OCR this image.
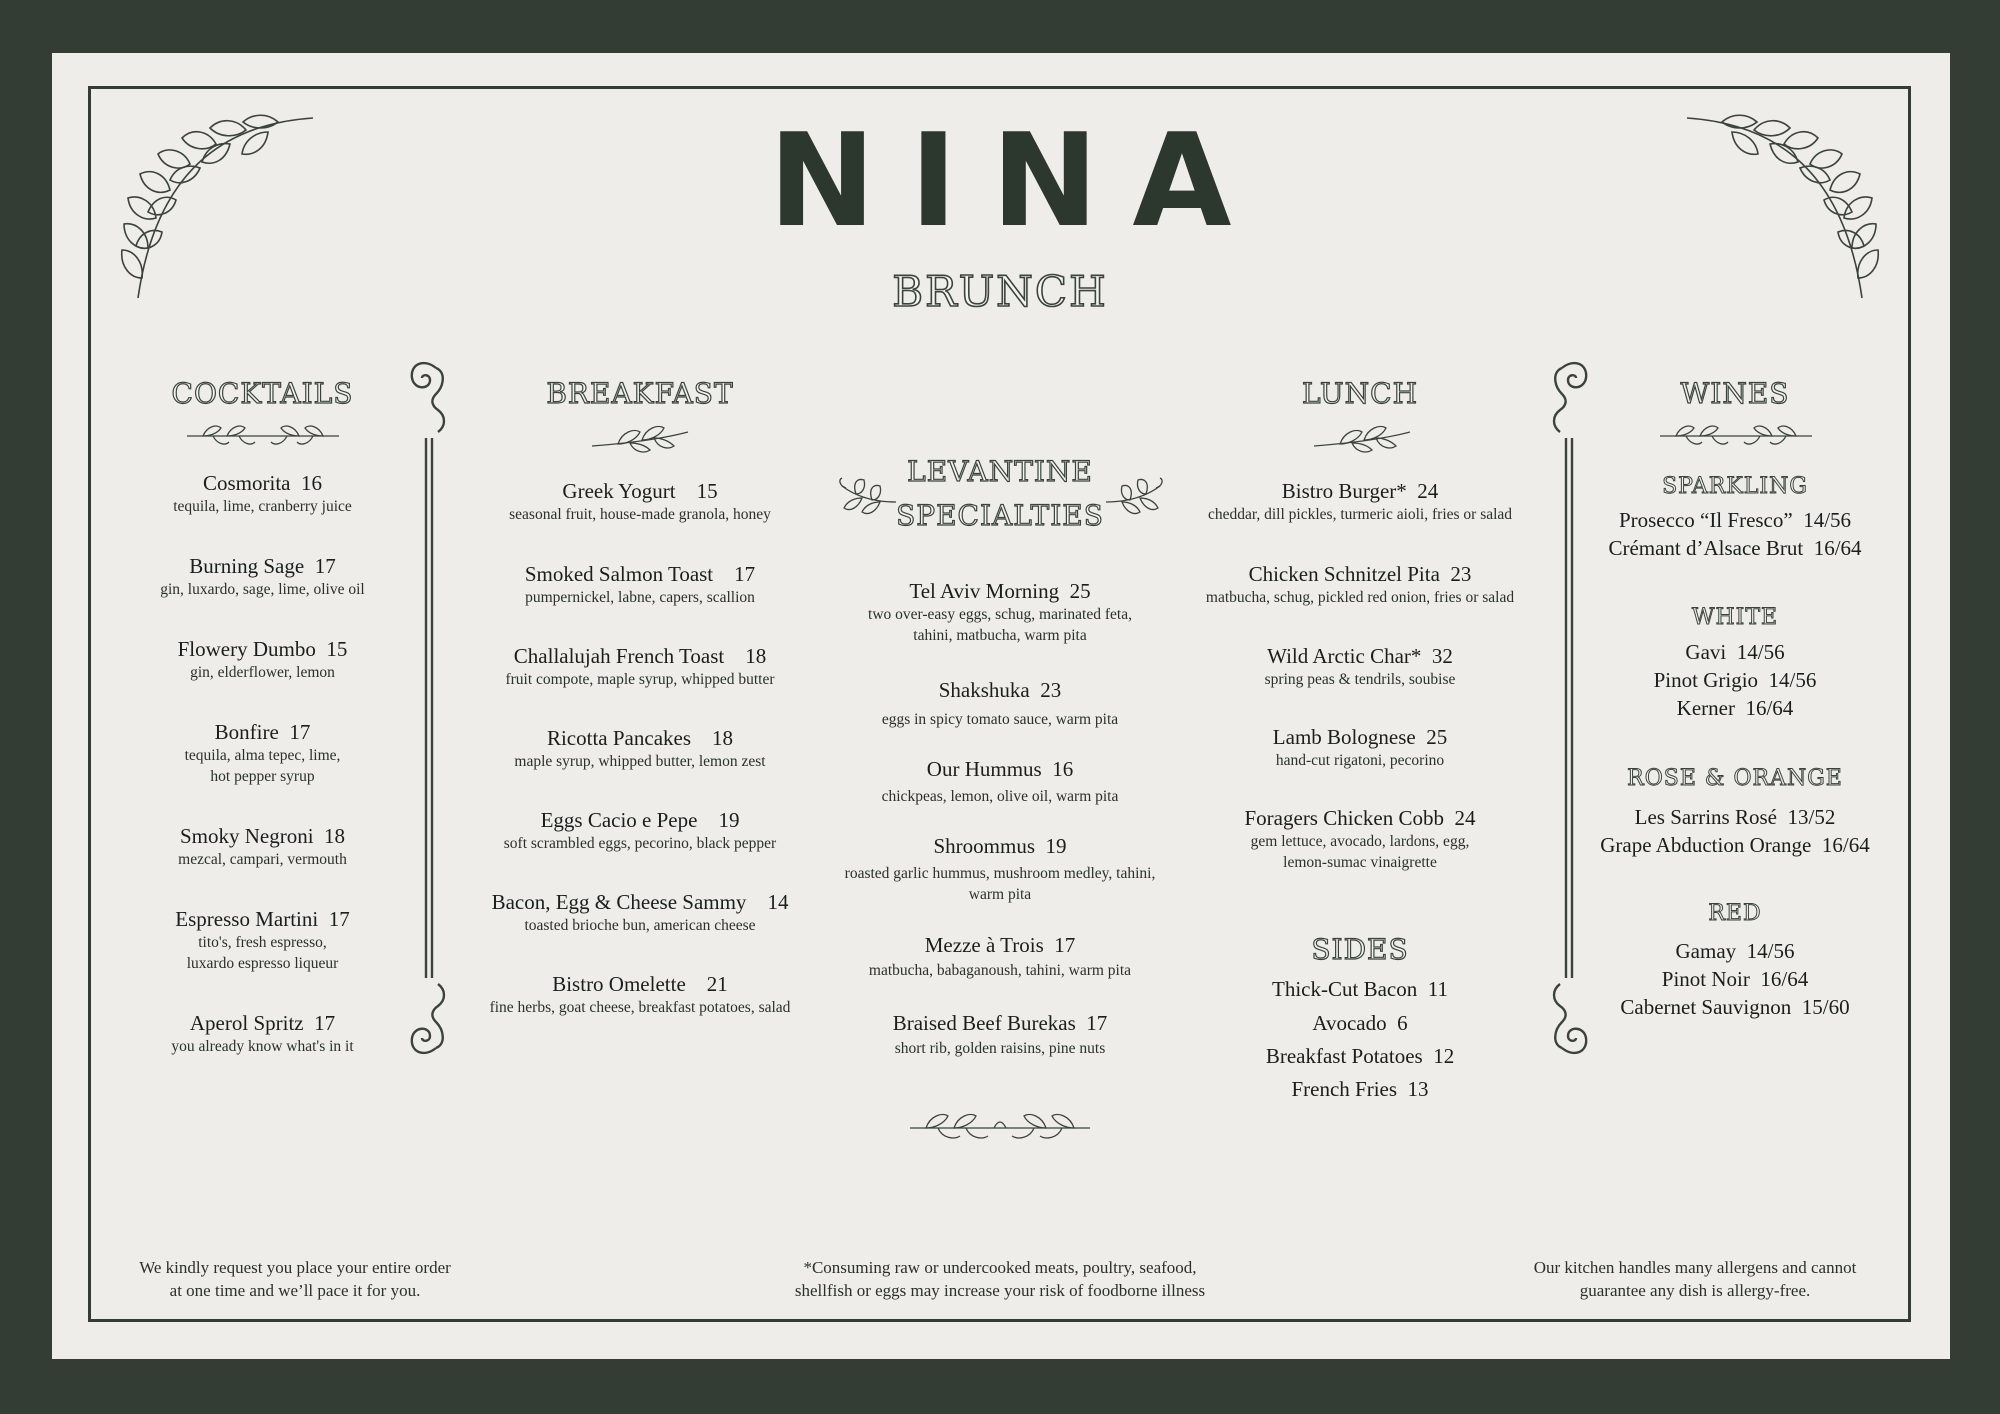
NINA
BRUNCH
COCKTAILS
Cosmorita 16
tequila, lime, cranberry juice
Burning Sage 17
gin, luxardo, sage, lime, olive oil
Flowery Dumbo 15
gin, elderflower, lemon
Bonfire 17
tequila, alma tepec, lime,
hot pepper syrup
Smoky Negroni 18
mezcal, campari, vermouth
Espresso Martini 17
tito's, fresh espresso,
luxardo espresso liqueur
Aperol Spritz 17
you already know what's in it
BREAKFAST
Greek Yogurt 15
seasonal fruit, house-made granola, honey
Smoked Salmon Toast 17
pumpernickel, labne, capers, scallion
Challalujah French Toast 18
fruit compote, maple syrup, whipped butter
Ricotta Pancakes 18
maple syrup, whipped butter, lemon zest
Eggs Cacio e Pepe 19
soft scrambled eggs, pecorino, black pepper
Bacon, Egg & Cheese Sammy 14
toasted brioche bun, american cheese
Bistro Omelette 21
fine herbs, goat cheese, breakfast potatoes, salad
LEVANTINE
SPECIALTIES
Tel Aviv Morning 25
two over-easy eggs, schug, marinated feta,
tahini, matbucha, warm pita
Shakshuka 23
eggs in spicy tomato sauce, warm pita
Our Hummus 16
chickpeas, lemon, olive oil, warm pita
Shroommus 19
roasted garlic hummus, mushroom medley, tahini,
warm pita
Mezze à Trois 17
matbucha, babaganoush, tahini, warm pita
Braised Beef Burekas 17
short rib, golden raisins, pine nuts
LUNCH
Bistro Burger* 24
cheddar, dill pickles, turmeric aioli, fries or salad
Chicken Schnitzel Pita 23
matbucha, schug, pickled red onion, fries or salad
Wild Arctic Char* 32
spring peas & tendrils, soubise
Lamb Bolognese 25
hand-cut rigatoni, pecorino
Foragers Chicken Cobb 24
gem lettuce, avocado, lardons, egg,
lemon-sumac vinaigrette
SIDES
Thick-Cut Bacon 11
Avocado 6
Breakfast Potatoes 12
French Fries 13
WINES
SPARKLING
Prosecco “Il Fresco” 14/56
Crémant d’Alsace Brut 16/64
WHITE
Gavi 14/56
Pinot Grigio 14/56
Kerner 16/64
ROSE & ORANGE
Les Sarrins Rosé 13/52
Grape Abduction Orange 16/64
RED
Gamay 14/56
Pinot Noir 16/64
Cabernet Sauvignon 15/60
We kindly request you place your entire order
at one time and we’ll pace it for you.
*Consuming raw or undercooked meats, poultry, seafood,
shellfish or eggs may increase your risk of foodborne illness
Our kitchen handles many allergens and cannot
guarantee any dish is allergy-free.
